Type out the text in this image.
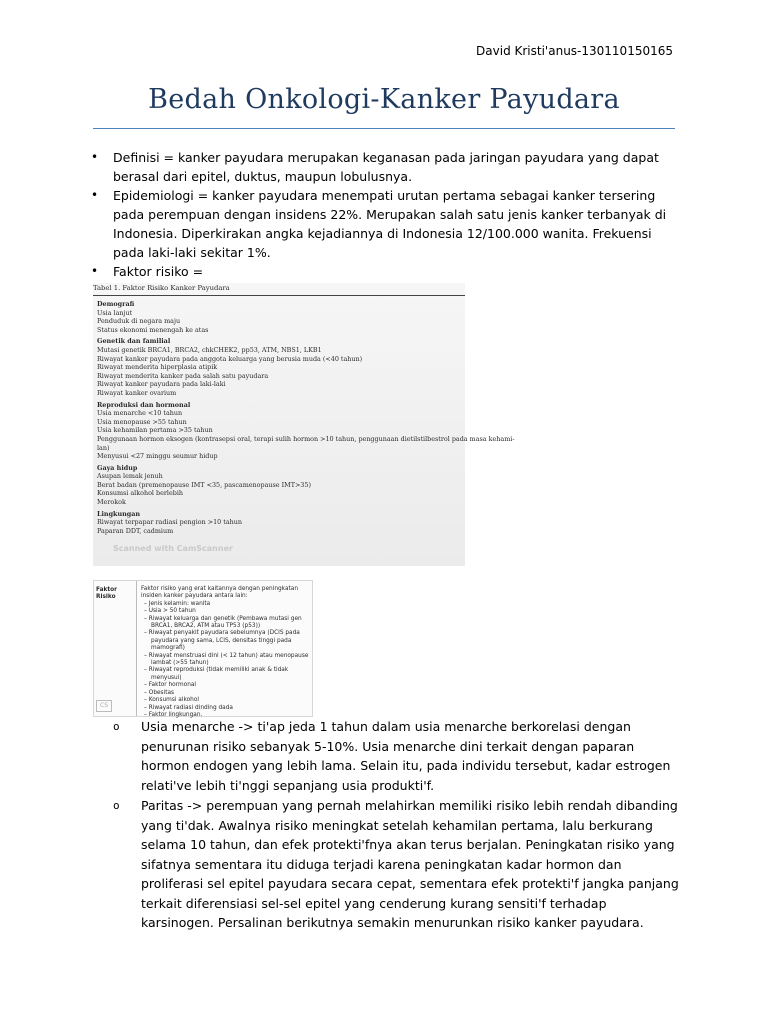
David Kristi'anus-130110150165
Bedah Onkologi-Kanker Payudara
• Definisi = kanker payudara merupakan keganasan pada jaringan payudara yang dapat berasal dari epitel, duktus, maupun lobulusnya.
• Epidemiologi = kanker payudara menempati urutan pertama sebagai kanker tersering pada perempuan dengan insidens 22%. Merupakan salah satu jenis kanker terbanyak di Indonesia. Diperkirakan angka kejadiannya di Indonesia 12/100.000 wanita. Frekuensi pada laki-laki sekitar 1%.
• Faktor risiko =
Tabel 1. Faktor Risiko Kanker Payudara
Demografi
Usia lanjut
Penduduk di negara maju
Status ekonomi menengah ke atas
Genetik dan familial
Mutasi genetik BRCA1, BRCA2, chkCHEK2, pp53, ATM, NBS1, LKB1
Riwayat kanker payudara pada anggota keluarga yang berusia muda (<40 tahun)
Riwayat menderita hiperplasia atipik
Riwayat menderita kanker pada salah satu payudara
Riwayat kanker payudara pada laki-laki
Riwayat kanker ovarium
Reproduksi dan hormonal
Usia menarche <10 tahun
Usia menopause >55 tahun
Usia kehamilan pertama >35 tahun
Penggunaan hormon eksogen (kontrasepsi oral, terapi sulih hormon >10 tahun, penggunaan dietilstilbestrol pada masa kehami-
lan)
Menyusui <27 minggu seumur hidup
Gaya hidup
Asupan lemak jenuh
Berat badan (premenopause IMT <35, pascamenopause IMT>35)
Konsumsi alkohol berlebih
Merokok
Lingkungan
Riwayat terpapar radiasi pengion >10 tahun
Paparan DDT, cadmium
Scanned with CamScanner
Faktor Risiko
Faktor risiko yang erat kaitannya dengan peningkatan insiden kanker payudara antara lain:
– Jenis kelamin: wanita
– Usia > 50 tahun
– Riwayat keluarga dan genetik (Pembawa mutasi gen BRCA1, BRCA2, ATM atau TP53 (p53))
– Riwayat penyakit payudara sebelumnya (DCIS pada payudara yang sama, LCIS, densitas tinggi pada mamografi)
– Riwayat menstruasi dini (< 12 tahun) atau menopause lambat (>55 tahun)
– Riwayat reproduksi (tidak memiliki anak & tidak menyusui)
– Faktor hormonal
– Obesitas
– Konsumsi alkohol
– Riwayat radiasi dinding dada
– Faktor lingkungan.
CS
o Usia menarche -> ti'ap jeda 1 tahun dalam usia menarche berkorelasi dengan penurunan risiko sebanyak 5-10%. Usia menarche dini terkait dengan paparan hormon endogen yang lebih lama. Selain itu, pada individu tersebut, kadar estrogen relati've lebih ti'nggi sepanjang usia produkti'f.
o Paritas -> perempuan yang pernah melahirkan memiliki risiko lebih rendah dibanding yang ti'dak. Awalnya risiko meningkat setelah kehamilan pertama, lalu berkurang selama 10 tahun, dan efek protekti'fnya akan terus berjalan. Peningkatan risiko yang sifatnya sementara itu diduga terjadi karena peningkatan kadar hormon dan proliferasi sel epitel payudara secara cepat, sementara efek protekti'f jangka panjang terkait diferensiasi sel-sel epitel yang cenderung kurang sensiti'f terhadap karsinogen. Persalinan berikutnya semakin menurunkan risiko kanker payudara.
